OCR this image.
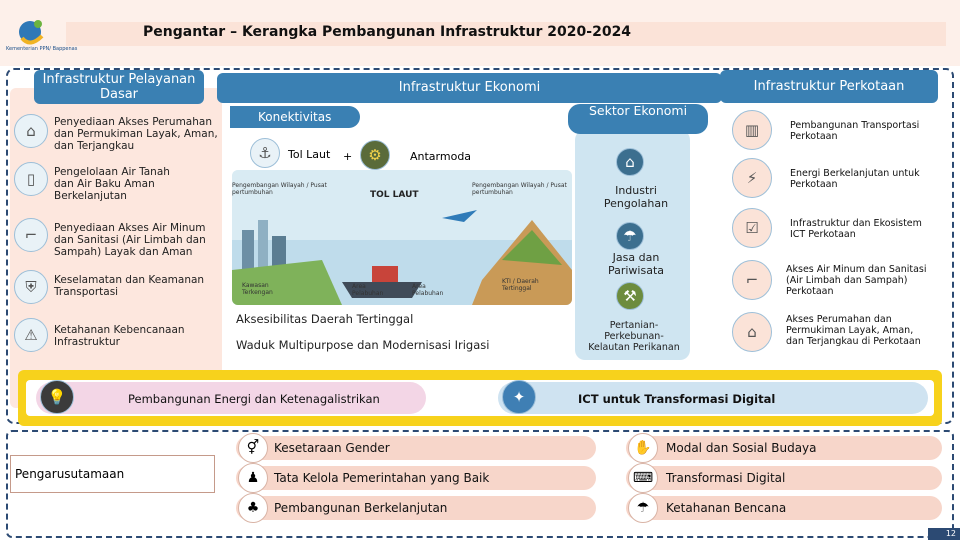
Kementerian PPN/ Bappenas
Pengantar – Kerangka Pembangunan Infrastruktur 2020-2024
Infrastruktur Pelayanan Dasar
⌂	Penyediaan Akses Perumahan dan Permukiman Layak, Aman, dan Terjangkau
▯	Pengelolaan Air Tanah dan Air Baku Aman Berkelanjutan
⌐	Penyediaan Akses Air Minum dan Sanitasi (Air Limbah dan Sampah) Layak dan Aman
⛨	Keselamatan dan Keamanan Transportasi
⚠	Ketahanan Kebencanaan Infrastruktur
Infrastruktur Ekonomi
Konektivitas	Sektor Ekonomi
⚓	Tol Laut +	⚙	Antarmoda
Pengembangan Wilayah / Pusat pertumbuhan	TOL LAUT
Pengembangan Wilayah / Pusat pertumbuhan
Kawasan Terkengan
Area Pelabuhan
Area Pelabuhan
KTI / Daerah Tertinggal
Aksesibilitas Daerah Tertinggal
Waduk Multipurpose dan Modernisasi Irigasi
⌂
Industri Pengolahan
☂
Jasa dan Pariwisata
⚒
Pertanian-Perkebunan-Kelautan Perikanan
Infrastruktur Perkotaan
▥	Pembangunan Transportasi Perkotaan
⚡	Energi Berkelanjutan untuk Perkotaan
☑	Infrastruktur dan Ekosistem ICT Perkotaan
⌐
Akses Air Minum dan Sanitasi (Air Limbah dan Sampah) Perkotaan
⌂
Akses Perumahan dan Permukiman Layak, Aman, dan Terjangkau di Perkotaan
💡	Pembangunan Energi dan Ketenagalistrikan	✦	ICT untuk Transformasi Digital
Pengarusutamaan
Kesetaraan Gender
⚥
Tata Kelola Pemerintahan yang Baik
♟
Pembangunan Berkelanjutan
♣
Modal dan Sosial Budaya
✋
Transformasi Digital
⌨
Ketahanan Bencana
☂
12
